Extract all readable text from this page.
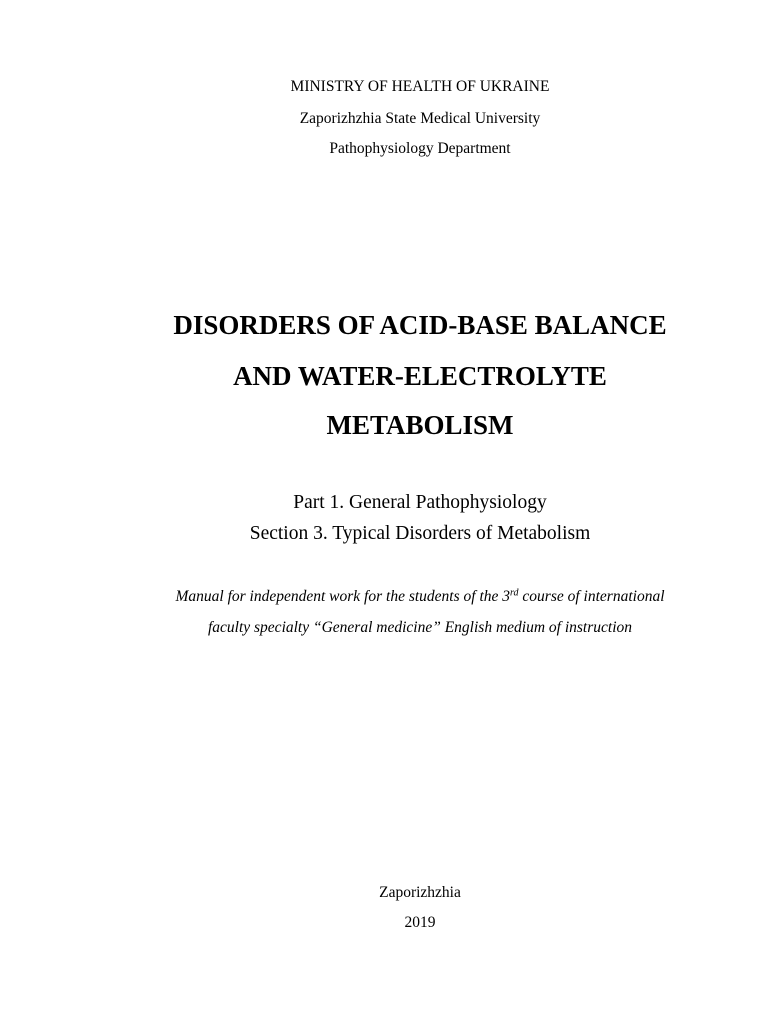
MINISTRY OF HEALTH OF UKRAINE
Zaporizhzhia State Medical University
Pathophysiology Department
DISORDERS OF ACID-BASE BALANCE
AND WATER-ELECTROLYTE
METABOLISM
Part 1. General Pathophysiology
Section 3. Typical Disorders of Metabolism
Manual for independent work for the students of the 3rd course of international
faculty specialty “General medicine” English medium of instruction
Zaporizhzhia
2019
